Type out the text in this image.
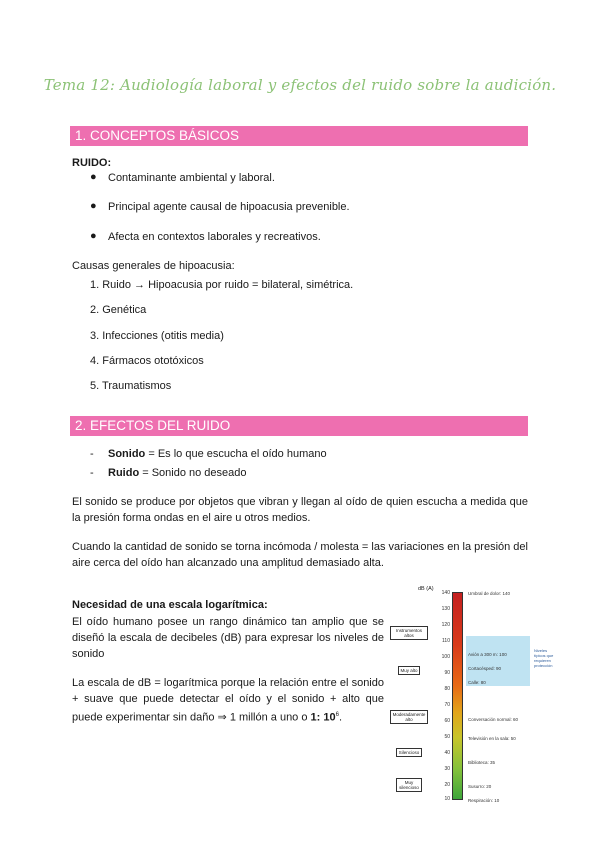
Tema 12: Audiología laboral y efectos del ruido sobre la audición.
1. CONCEPTOS BÁSICOS
RUIDO:
● Contaminante ambiental y laboral.
● Principal agente causal de hipoacusia prevenible.
● Afecta en contextos laborales y recreativos.
Causas generales de hipoacusia:
1. Ruido → Hipoacusia por ruido = bilateral, simétrica.
2. Genética
3. Infecciones (otitis media)
4. Fármacos ototóxicos
5. Traumatismos
2. EFECTOS DEL RUIDO
- Sonido = Es lo que escucha el oído humano
- Ruido = Sonido no deseado
El sonido se produce por objetos que vibran y llegan al oído de quien escucha a medida que la presión forma ondas en el aire u otros medios.
Cuando la cantidad de sonido se torna incómoda / molesta = las variaciones en la presión del aire cerca del oído han alcanzado una amplitud demasiado alta.
Necesidad de una escala logarítmica:
El oído humano posee un rango dinámico tan amplio que se diseñó la escala de decibeles (dB) para expresar los niveles de sonido
La escala de dB = logarítmica porque la relación entre el sonido + suave que puede detectar el oído y el sonido + alto que puede experimentar sin daño ⇒ 1 millón a uno o 1: $10^6$.
dB (A)
140
130
120
110
100
90
80
70
60
50
40
30
20
10
Umbral de dolor: 140
Avión a 300 m: 100
Cortacésped: 90
Calle: 80
Conversación normal: 60
Televisión en la sala: 50
Biblioteca: 35
Susurro: 20
Respiración: 10
Niveles típicos que requieren protección
Instrumentos altos
Muy alto
Moderadamente alto
Silencioso
Muy silencioso
